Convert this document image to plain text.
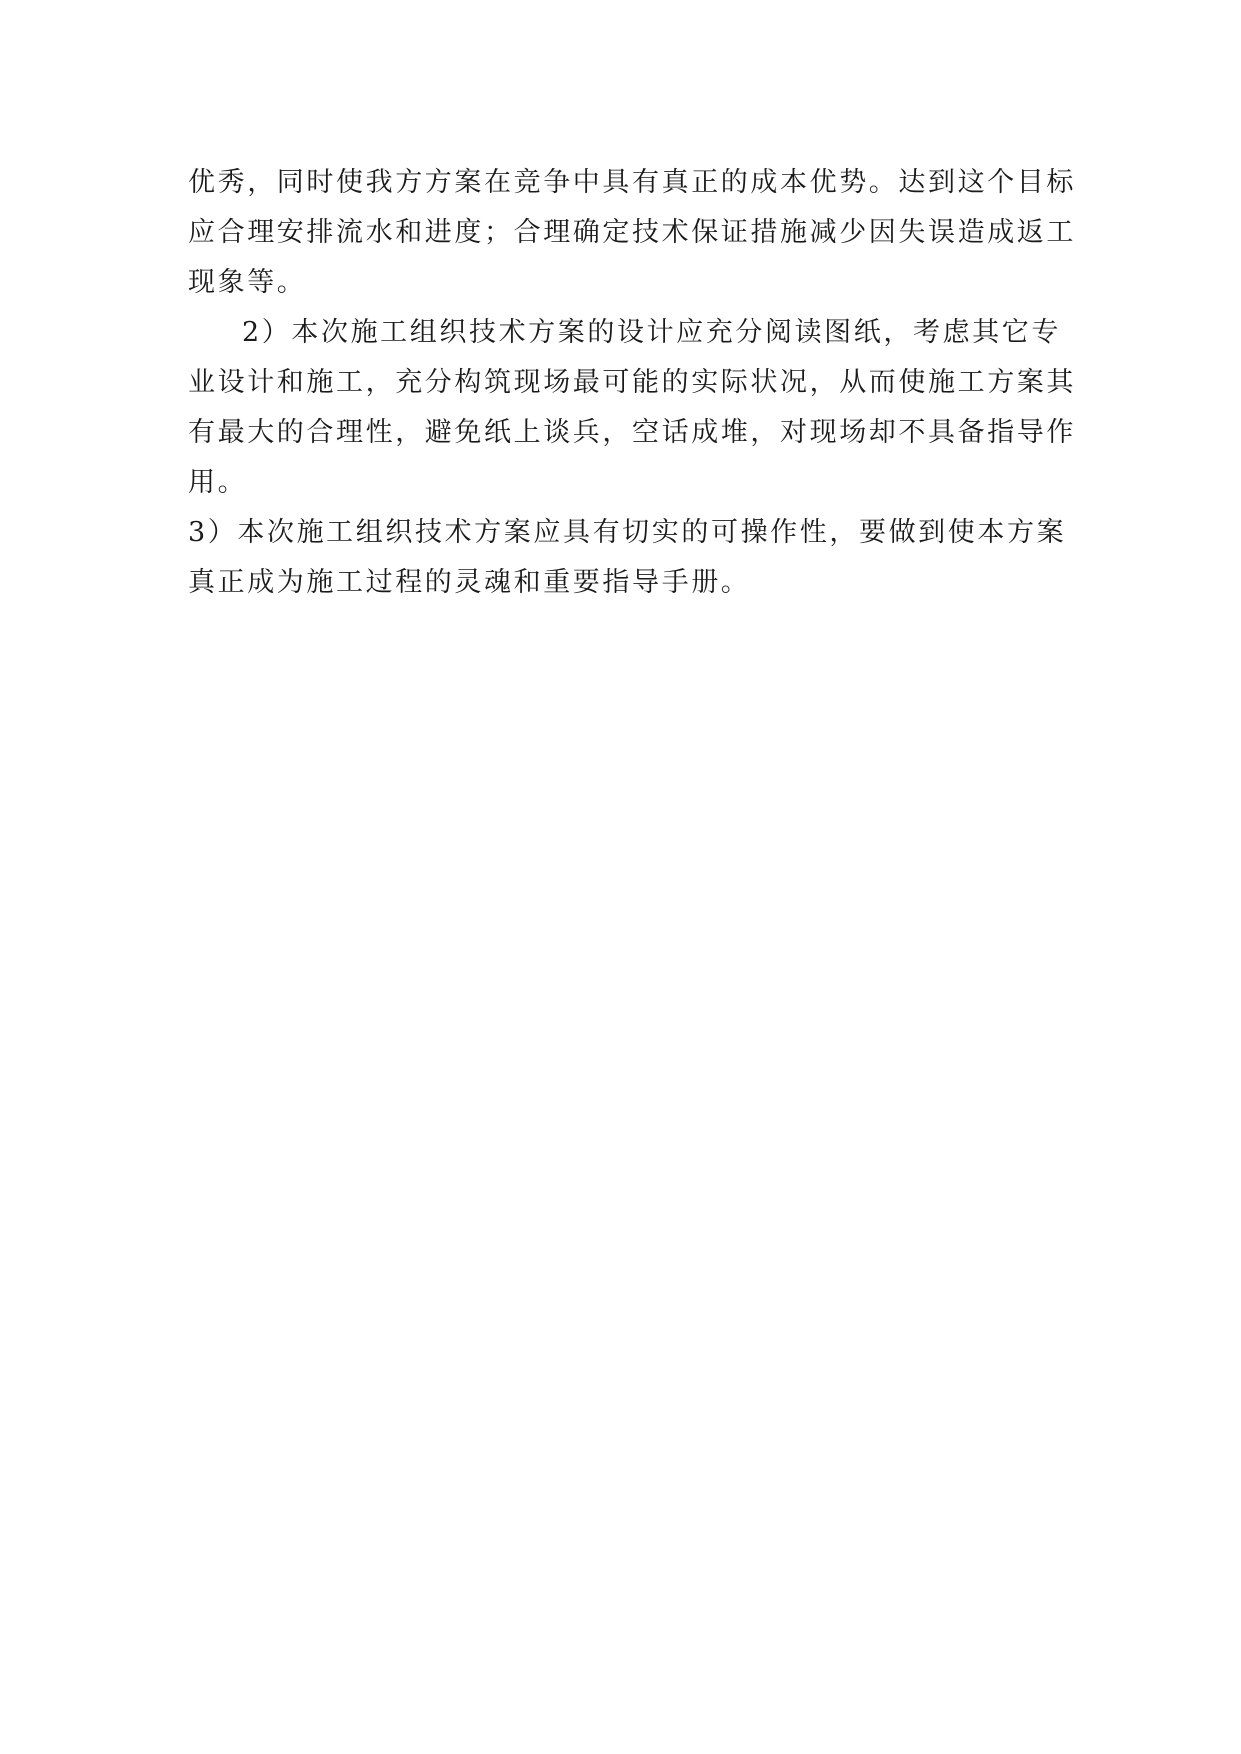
优秀，同时使我方方案在竞争中具有真正的成本优势。达到这个目标
应合理安排流水和进度；合理确定技术保证措施减少因失误造成返工
现象等。

2）本次施工组织技术方案的设计应充分阅读图纸，考虑其它专
业设计和施工，充分构筑现场最可能的实际状况，从而使施工方案其
有最大的合理性，避免纸上谈兵，空话成堆，对现场却不具备指导作
用。

3）本次施工组织技术方案应具有切实的可操作性，要做到使本方案
真正成为施工过程的灵魂和重要指导手册。
